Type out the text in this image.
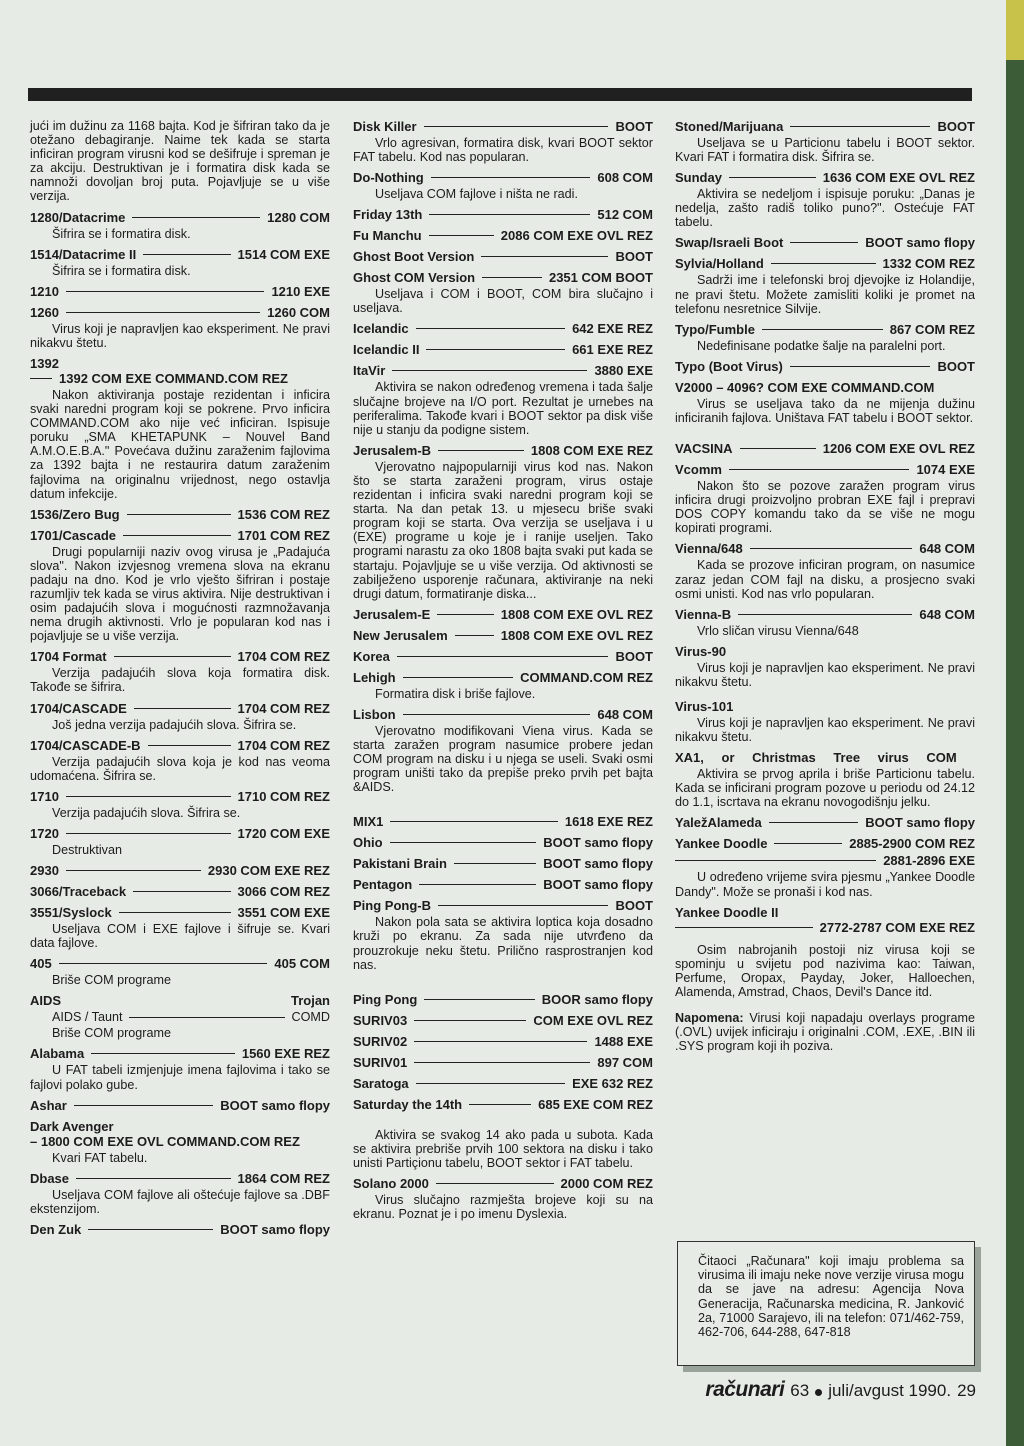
jući im dužinu za 1168 bajta. Kod je šifriran tako da je otežano debagiranje. Naime tek kada se starta inficiran program virusni kod se dešifruje i spreman je za akciju. Destruktivan je i formatira disk kada se namnoži dovoljan broj puta. Pojavljuje se u više verzija.

1280/Datacrime	1280 COM

Šifrira se i formatira disk.

1514/Datacrime II	1514 COM EXE

Šifrira se i formatira disk.

1210	1210 EXE
1260	1260 COM

Virus koji je napravljen kao eksperiment. Ne pravi nikakvu štetu.

1392
1392 COM EXE COMMAND.COM REZ

Nakon aktiviranja postaje rezidentan i inficira svaki naredni program koji se pokrene. Prvo inficira COMMAND.COM ako nije već inficiran. Ispisuje poruku „SMA KHETAPUNK – Nouvel Band A.M.O.E.B.A." Povećava dužinu zaraženim fajlovima za 1392 bajta i ne restaurira datum zaraženim fajlovima na originalnu vrijednost, nego ostavlja datum infekcije.

1536/Zero Bug	1536 COM REZ
1701/Cascade	1701 COM REZ

Drugi popularniji naziv ovog virusa je „Padajuća slova". Nakon izvjesnog vremena slova na ekranu padaju na dno. Kod je vrlo vješto šifriran i postaje razumljiv tek kada se virus aktivira. Nije destruktivan i osim padajućih slova i mogućnosti razmnožavanja nema drugih aktivnosti. Vrlo je popularan kod nas i pojavljuje se u više verzija.

1704 Format	1704 COM REZ

Verzija padajućih slova koja formatira disk. Takođe se šifrira.

1704/CASCADE	1704 COM REZ

Još jedna verzija padajućih slova. Šifrira se.

1704/CASCADE-B	1704 COM REZ

Verzija padajućih slova koja je kod nas veoma udomaćena. Šifrira se.

1710	1710 COM REZ

Verzija padajućih slova. Šifrira se.

1720	1720 COM EXE

Destruktivan

2930	2930 COM EXE REZ
3066/Traceback	3066 COM REZ
3551/Syslock	3551 COM EXE

Useljava COM i EXE fajlove i šifruje se. Kvari data fajlove.

405	405 COM

Briše COM programe

AIDS	Trojan
AIDS / Taunt	COMD

Briše COM programe

Alabama	1560 EXE REZ

U FAT tabeli izmjenjuje imena fajlovima i tako se fajlovi polako gube.

Ashar	BOOT samo flopy
Dark Avenger
– 1800 COM EXE OVL COMMAND.COM REZ

Kvari FAT tabelu.

Dbase	1864 COM REZ

Useljava COM fajlove ali oštećuje fajlove sa .DBF ekstenzijom.

Den Zuk	BOOT samo flopy
Disk Killer	BOOT

Vrlo agresivan, formatira disk, kvari BOOT sektor FAT tabelu. Kod nas popularan.

Do-Nothing	608 COM

Useljava COM fajlove i ništa ne radi.

Friday 13th	512 COM
Fu Manchu	2086 COM EXE OVL REZ
Ghost Boot Version	BOOT
Ghost COM Version	2351 COM BOOT

Useljava i COM i BOOT, COM bira slučajno i useljava.

Icelandic	642 EXE REZ
Icelandic II	661 EXE REZ
ItaVir	3880 EXE

Aktivira se nakon određenog vremena i tada šalje slučajne brojeve na I/O port. Rezultat je urnebes na periferalima. Takođe kvari i BOOT sektor pa disk više nije u stanju da podigne sistem.

Jerusalem-B	1808 COM EXE REZ

Vjerovatno najpopularniji virus kod nas. Nakon što se starta zaraženi program, virus ostaje rezidentan i inficira svaki naredni program koji se starta. Na dan petak 13. u mjesecu briše svaki program koji se starta. Ova verzija se useljava i u (EXE) programe u koje je i ranije useljen. Tako programi narastu za oko 1808 bajta svaki put kada se startaju. Pojavljuje se u više verzija. Od aktivnosti se zabilježeno usporenje računara, aktiviranje na neki drugi datum, formatiranje diska...

Jerusalem-E	1808 COM EXE OVL REZ
New Jerusalem	1808 COM EXE OVL REZ
Korea	BOOT
Lehigh	COMMAND.COM REZ

Formatira disk i briše fajlove.

Lisbon	648 COM

Vjerovatno modifikovani Viena virus. Kada se starta zaražen program nasumice probere jedan COM program na disku i u njega se useli. Svaki osmi program uništi tako da prepiše preko prvih pet bajta &AIDS.

MIX1	1618 EXE REZ
Ohio	BOOT samo flopy
Pakistani Brain	BOOT samo flopy
Pentagon	BOOT samo flopy
Ping Pong-B	BOOT

Nakon pola sata se aktivira loptica koja dosadno kruži po ekranu. Za sada nije utvrđeno da prouzrokuje neku štetu. Prilično rasprostranjen kod nas.

Ping Pong	BOOR samo flopy
SURIV03	COM EXE OVL REZ
SURIV02	1488 EXE
SURIV01	897 COM
Saratoga	EXE 632 REZ
Saturday the 14th	685 EXE COM REZ

Aktivira se svakog 14 ako pada u subota. Kada se aktivira prebriše prvih 100 sektora na disku i tako unisti Partiçionu tabelu, BOOT sektor i FAT tabelu.

Solano 2000	2000 COM REZ

Virus slučajno razmješta brojeve koji su na ekranu. Poznat je i po imenu Dyslexia.

Stoned/Marijuana	BOOT

Useljava se u Particionu tabelu i BOOT sektor. Kvari FAT i formatira disk. Šifrira se.

Sunday	1636 COM EXE OVL REZ

Aktivira se nedeljom i ispisuje poruku: „Danas je nedelja, zašto radiš toliko puno?". Ostećuje FAT tabelu.

Swap/Israeli Boot	BOOT samo flopy
Sylvia/Holland	1332 COM REZ

Sadrži ime i telefonski broj djevojke iz Holandije, ne pravi štetu. Možete zamisliti koliki je promet na telefonu nesretnice Silvije.

Typo/Fumble	867 COM REZ

Nedefinisane podatke šalje na paralelni port.

Typo (Boot Virus)	BOOT
V2000 – 4096? COM EXE COMMAND.COM

Virus se useljava tako da ne mijenja dužinu inficiranih fajlova. Uništava FAT tabelu i BOOT sektor.

VACSINA	1206 COM EXE OVL REZ
Vcomm	1074 EXE

Nakon što se pozove zaražen program virus inficira drugi proizvoljno probran EXE fajl i prepravi DOS COPY komandu tako da se više ne mogu kopirati programi.

Vienna/648	648 COM

Kada se prozove inficiran program, on nasumice zaraz jedan COM fajl na disku, a prosjecno svaki osmi unisti. Kod nas vrlo popularan.

Vienna-B	648 COM

Vrlo sličan virusu Vienna/648

Virus-90

Virus koji je napravljen kao eksperiment. Ne pravi nikakvu štetu.

Virus-101

Virus koji je napravljen kao eksperiment. Ne pravi nikakvu štetu.

XA1, or Christmas Tree virus COM

Aktivira se prvog aprila i briše Particionu tabelu. Kada se inficirani program pozove u periodu od 24.12 do 1.1, iscrtava na ekranu novogodišnju jelku.

YaležAlameda	BOOT samo flopy
Yankee Doodle	2885-2900 COM REZ
2881-2896 EXE

U određeno vrijeme svira pjesmu „Yankee Doodle Dandy". Može se pronaši i kod nas.

Yankee Doodle II
2772-2787 COM EXE REZ

Osim nabrojanih postoji niz virusa koji se spominju u svijetu pod nazivima kao: Taiwan, Perfume, Oropax, Payday, Joker, Halloechen, Alamenda, Amstrad, Chaos, Devil's Dance itd.

Napomena: Virusi koji napadaju overlays programe (.OVL) uvijek inficiraju i originalni .COM, .EXE, .BIN ili .SYS program koji ih poziva.

Čitaoci „Računara" koji imaju problema sa virusima ili imaju neke nove verzije virusa mogu da se jave na adresu: Agencija Nova Generacija, Računarska medicina, R. Janković 2a, 71000 Sarajevo, ili na telefon: 071/462-759, 462-706, 644-288, 647-818
računari 63 juli/avgust 1990. 29
